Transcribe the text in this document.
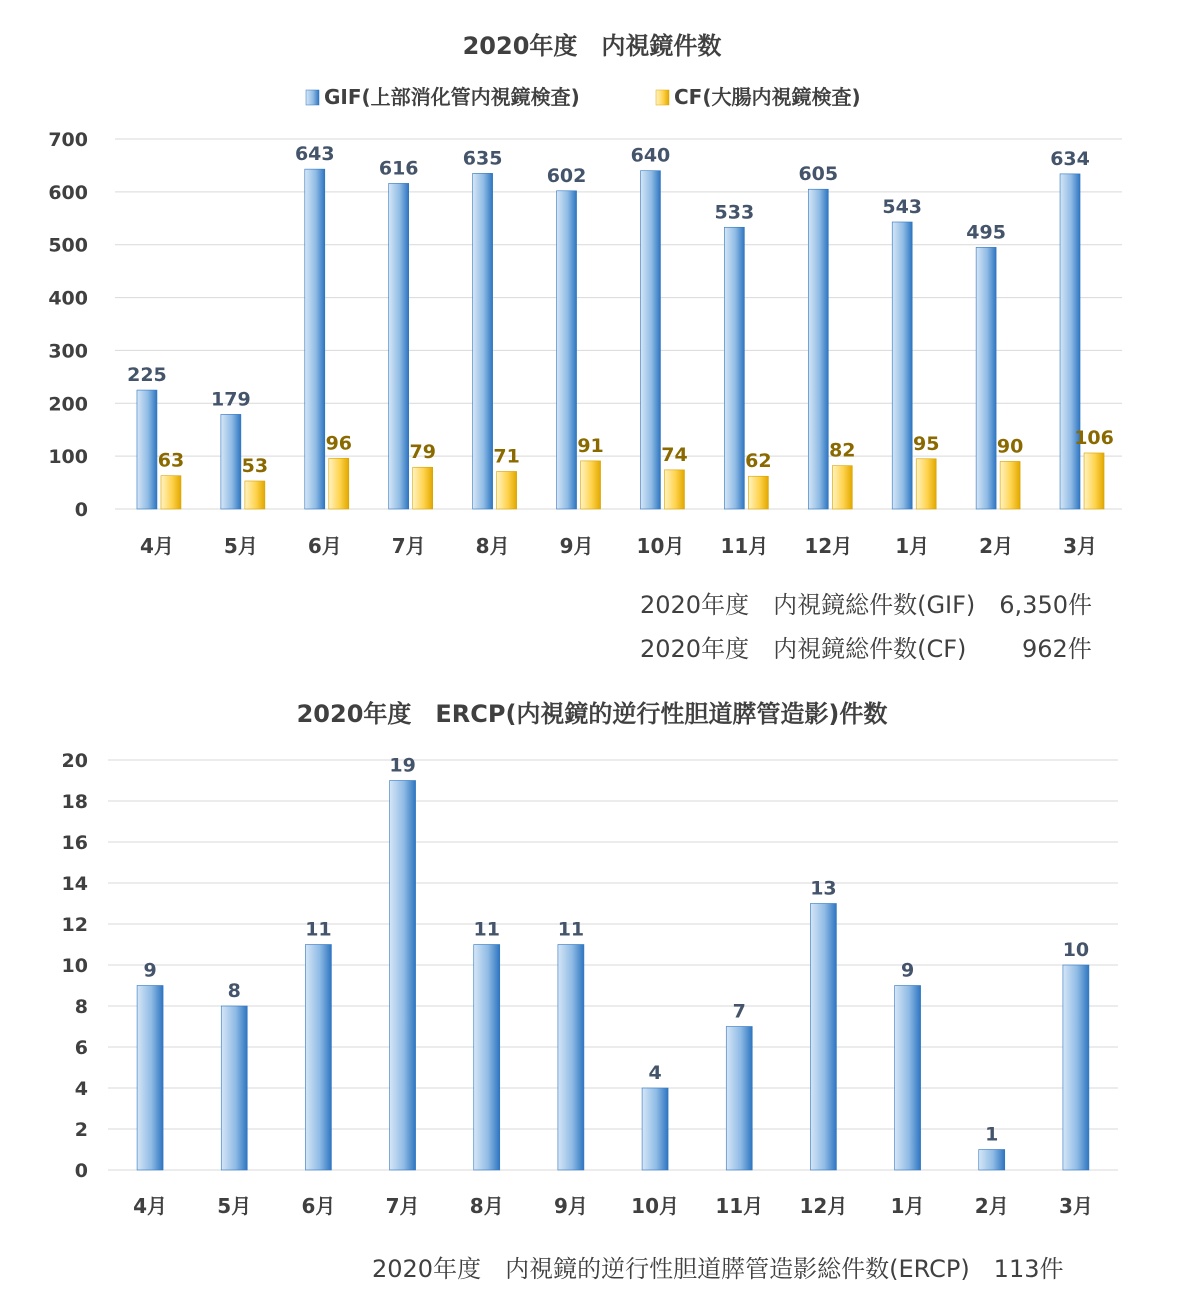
2020年度　内視鏡件数
GIF(上部消化管内視鏡検査)	CF(大腸内視鏡検査)
0
100
200
300
400
500
600
700
225
63
179
53
643
96
616
79
635
71
602
91
640
74
533
62
605
82
543
95
495
90
634
106
4月 5月 6月 7月 8月 9月 10月 11月 12月 1月 2月 3月
2020年度　内視鏡総件数(GIF)　6,350件
2020年度　内視鏡総件数(CF)　　 962件
2020年度　ERCP(内視鏡的逆行性胆道膵管造影)件数
0
2
4
6
8
10
12
14
16
18
20
9
8
11
19
11	11
4
7
13
9
1
10
4月	5月	6月	7月	8月	9月 10月 11月 12月 1月	2月	3月
2020年度　内視鏡的逆行性胆道膵管造影総件数(ERCP)　113件
